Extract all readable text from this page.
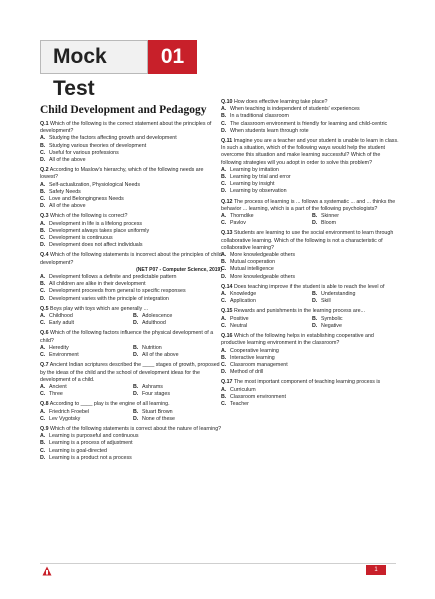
Mock Test
01
Child Development and Pedagogy

Q.1 Which of the following is the correct statement about the principles of development?

A. Studying the factors affecting growth and development

B. Studying various theories of development

C. Useful for various professions

D. All of the above

Q.2 According to Maslow's hierarchy, which of the following needs are lowest?

A. Self-actualization, Physiological Needs

B. Safety Needs

C. Love and Belongingness Needs

D. All of the above

Q.3 Which of the following is correct?

A. Development in life is a lifelong process

B. Development always takes place uniformly

C. Development is continuous

D. Development does not affect individuals

Q.4 Which of the following statements is incorrect about the principles of child development?

(NET P07 - Computer Science, 2019)

A. Development follows a definite and predictable pattern

B. All children are alike in their development

C. Development proceeds from general to specific responses

D. Development varies with the principle of integration

Q.5 Boys play with toys which are generally ...

A. Childhood	B. Adolescence

C. Early adult	D. Adulthood

Q.6 Which of the following factors influence the physical development of a child?

A. Heredity	B. Nutrition

C. Environment	D. All of the above

Q.7 Ancient Indian scriptures described the ____ stages of growth, proposed by the ideas of the child and the school of development ideas for the development of a child.

A. Ancient	B. Ashrams

C. Three	D. Four stages

Q.8 According to ____ play is the engine of all learning.

A. Friedrich Froebel	B. Stuart Brown

C. Lev Vygotsky	D. None of these

Q.9 Which of the following statements is correct about the nature of learning?

A. Learning is purposeful and continuous

B. Learning is a process of adjustment

C. Learning is goal-directed

D. Learning is a product not a process

Q.10 How does effective learning take place?

A. When teaching is independent of students' experiences

B. In a traditional classroom

C. The classroom environment is friendly for learning and child-centric

D. When students learn through rote

Q.11 Imagine you are a teacher and your student is unable to learn in class. In such a situation, which of the following ways would help the student overcome this situation and make learning successful? Which of the following strategies will you adopt in order to solve this problem?

A. Learning by imitation

B. Learning by trial and error

C. Learning by insight

D. Learning by observation

Q.12 The process of learning is ... follows a systematic ... and ... thinks the behavior ... learning, which is a part of the following psychologists?

A. Thorndike	B. Skinner

C. Pavlov	D. Bloom

Q.13 Students are learning to use the social environment to learn through collaborative learning. Which of the following is not a characteristic of collaborative learning?

A. More knowledgeable others

B. Mutual cooperation

C. Mutual intelligence

D. More knowledgeable others

Q.14 Does teaching improve if the student is able to reach the level of

A. Knowledge	B. Understanding

C. Application	D. Skill

Q.15 Rewards and punishments in the learning process are...

A. Positive	B. Symbolic

C. Neutral	D. Negative

Q.16 Which of the following helps in establishing cooperative and productive learning environment in the classroom?

A. Cooperative learning

B. Interactive learning

C. Classroom management

D. Method of drill

Q.17 The most important component of teaching learning process is

A. Curriculum

B. Classroom environment

C. Teacher

1
